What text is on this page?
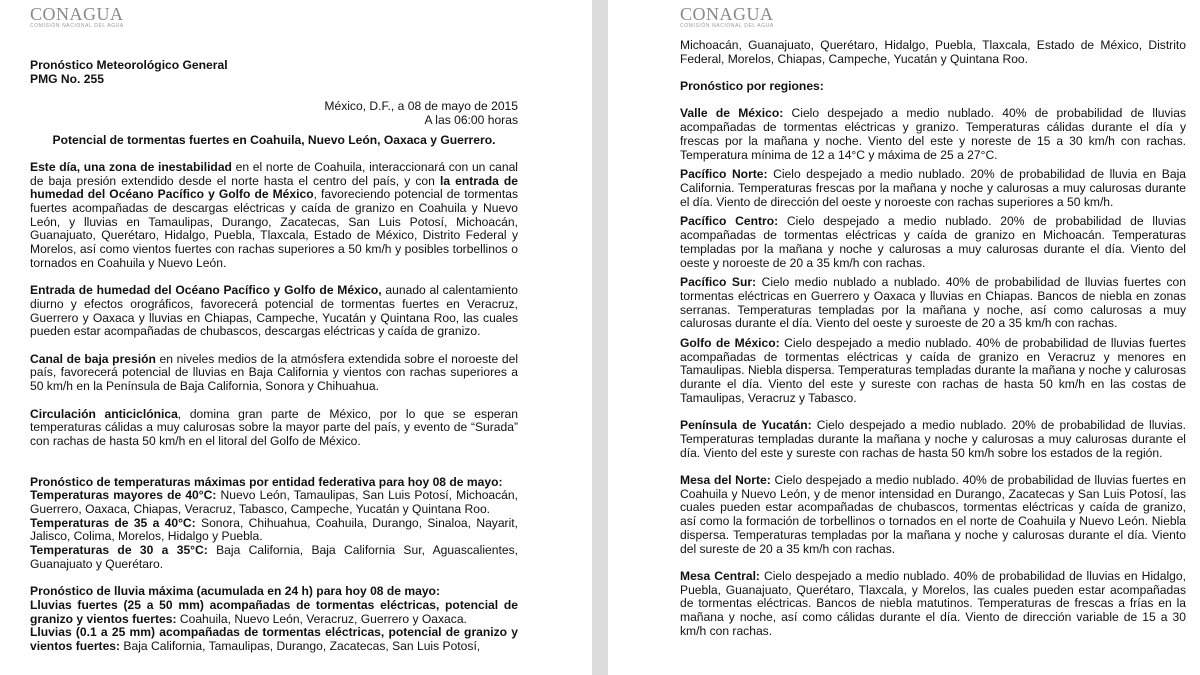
CONAGUA
COMISIÓN NACIONAL DEL AGUA
Pronóstico Meteorológico General
PMG No. 255
México, D.F., a 08 de mayo de 2015
A las 06:00 horas
Potencial de tormentas fuertes en Coahuila, Nuevo León, Oaxaca y Guerrero.
Este día, una zona de inestabilidad en el norte de Coahuila, interaccionará con un canal de baja presión extendido desde el norte hasta el centro del país, y con la entrada de humedad del Océano Pacífico y Golfo de México, favoreciendo potencial de tormentas fuertes acompañadas de descargas eléctricas y caída de granizo en Coahuila y Nuevo León, y lluvias en Tamaulipas, Durango, Zacatecas, San Luis Potosí, Michoacán, Guanajuato, Querétaro, Hidalgo, Puebla, Tlaxcala, Estado de México, Distrito Federal y Morelos, así como vientos fuertes con rachas superiores a 50 km/h y posibles torbellinos o tornados en Coahuila y Nuevo León.
Entrada de humedad del Océano Pacífico y Golfo de México, aunado al calentamiento diurno y efectos orográficos, favorecerá potencial de tormentas fuertes en Veracruz, Guerrero y Oaxaca y lluvias en Chiapas, Campeche, Yucatán y Quintana Roo, las cuales pueden estar acompañadas de chubascos, descargas eléctricas y caída de granizo.
Canal de baja presión en niveles medios de la atmósfera extendida sobre el noroeste del país, favorecerá potencial de lluvias en Baja California y vientos con rachas superiores a 50 km/h en la Península de Baja California, Sonora y Chihuahua.
Circulación anticiclónica, domina gran parte de México, por lo que se esperan temperaturas cálidas a muy calurosas sobre la mayor parte del país, y evento de “Surada” con rachas de hasta 50 km/h en el litoral del Golfo de México.
Pronóstico de temperaturas máximas por entidad federativa para hoy 08 de mayo:
Temperaturas mayores de 40°C: Nuevo León, Tamaulipas, San Luis Potosí, Michoacán, Guerrero, Oaxaca, Chiapas, Veracruz, Tabasco, Campeche, Yucatán y Quintana Roo.
Temperaturas de 35 a 40°C: Sonora, Chihuahua, Coahuila, Durango, Sinaloa, Nayarit, Jalisco, Colima, Morelos, Hidalgo y Puebla.
Temperaturas de 30 a 35°C: Baja California, Baja California Sur, Aguascalientes, Guanajuato y Querétaro.
Pronóstico de lluvia máxima (acumulada en 24 h) para hoy 08 de mayo:
Lluvias fuertes (25 a 50 mm) acompañadas de tormentas eléctricas, potencial de granizo y vientos fuertes: Coahuila, Nuevo León, Veracruz, Guerrero y Oaxaca.
Lluvias (0.1 a 25 mm) acompañadas de tormentas eléctricas, potencial de granizo y vientos fuertes: Baja California, Tamaulipas, Durango, Zacatecas, San Luis Potosí,
CONAGUA
COMISIÓN NACIONAL DEL AGUA
Michoacán, Guanajuato, Querétaro, Hidalgo, Puebla, Tlaxcala, Estado de México, Distrito Federal, Morelos, Chiapas, Campeche, Yucatán y Quintana Roo.
Pronóstico por regiones:
Valle de México: Cielo despejado a medio nublado. 40% de probabilidad de lluvias acompañadas de tormentas eléctricas y granizo. Temperaturas cálidas durante el día y frescas por la mañana y noche. Viento del este y noreste de 15 a 30 km/h con rachas. Temperatura mínima de 12 a 14°C y máxima de 25 a 27°C.
Pacífico Norte: Cielo despejado a medio nublado. 20% de probabilidad de lluvia en Baja California. Temperaturas frescas por la mañana y noche y calurosas a muy calurosas durante el día. Viento de dirección del oeste y noroeste con rachas superiores a 50 km/h.
Pacífico Centro: Cielo despejado a medio nublado. 20% de probabilidad de lluvias acompañadas de tormentas eléctricas y caída de granizo en Michoacán. Temperaturas templadas por la mañana y noche y calurosas a muy calurosas durante el día. Viento del oeste y noroeste de 20 a 35 km/h con rachas.
Pacífico Sur: Cielo medio nublado a nublado. 40% de probabilidad de lluvias fuertes con tormentas eléctricas en Guerrero y Oaxaca y lluvias en Chiapas. Bancos de niebla en zonas serranas. Temperaturas templadas por la mañana y noche, así como calurosas a muy calurosas durante el día. Viento del oeste y suroeste de 20 a 35 km/h con rachas.
Golfo de México: Cielo despejado a medio nublado. 40% de probabilidad de lluvias fuertes acompañadas de tormentas eléctricas y caída de granizo en Veracruz y menores en Tamaulipas. Niebla dispersa. Temperaturas templadas durante la mañana y noche y calurosas durante el día. Viento del este y sureste con rachas de hasta 50 km/h en las costas de Tamaulipas, Veracruz y Tabasco.
Península de Yucatán: Cielo despejado a medio nublado. 20% de probabilidad de lluvias. Temperaturas templadas durante la mañana y noche y calurosas a muy calurosas durante el día. Viento del este y sureste con rachas de hasta 50 km/h sobre los estados de la región.
Mesa del Norte: Cielo despejado a medio nublado. 40% de probabilidad de lluvias fuertes en Coahuila y Nuevo León, y de menor intensidad en Durango, Zacatecas y San Luis Potosí, las cuales pueden estar acompañadas de chubascos, tormentas eléctricas y caída de granizo, así como la formación de torbellinos o tornados en el norte de Coahuila y Nuevo León. Niebla dispersa. Temperaturas templadas por la mañana y noche y calurosas durante el día. Viento del sureste de 20 a 35 km/h con rachas.
Mesa Central: Cielo despejado a medio nublado. 40% de probabilidad de lluvias en Hidalgo, Puebla, Guanajuato, Querétaro, Tlaxcala, y Morelos, las cuales pueden estar acompañadas de tormentas eléctricas. Bancos de niebla matutinos. Temperaturas de frescas a frías en la mañana y noche, así como cálidas durante el día. Viento de dirección variable de 15 a 30 km/h con rachas.
